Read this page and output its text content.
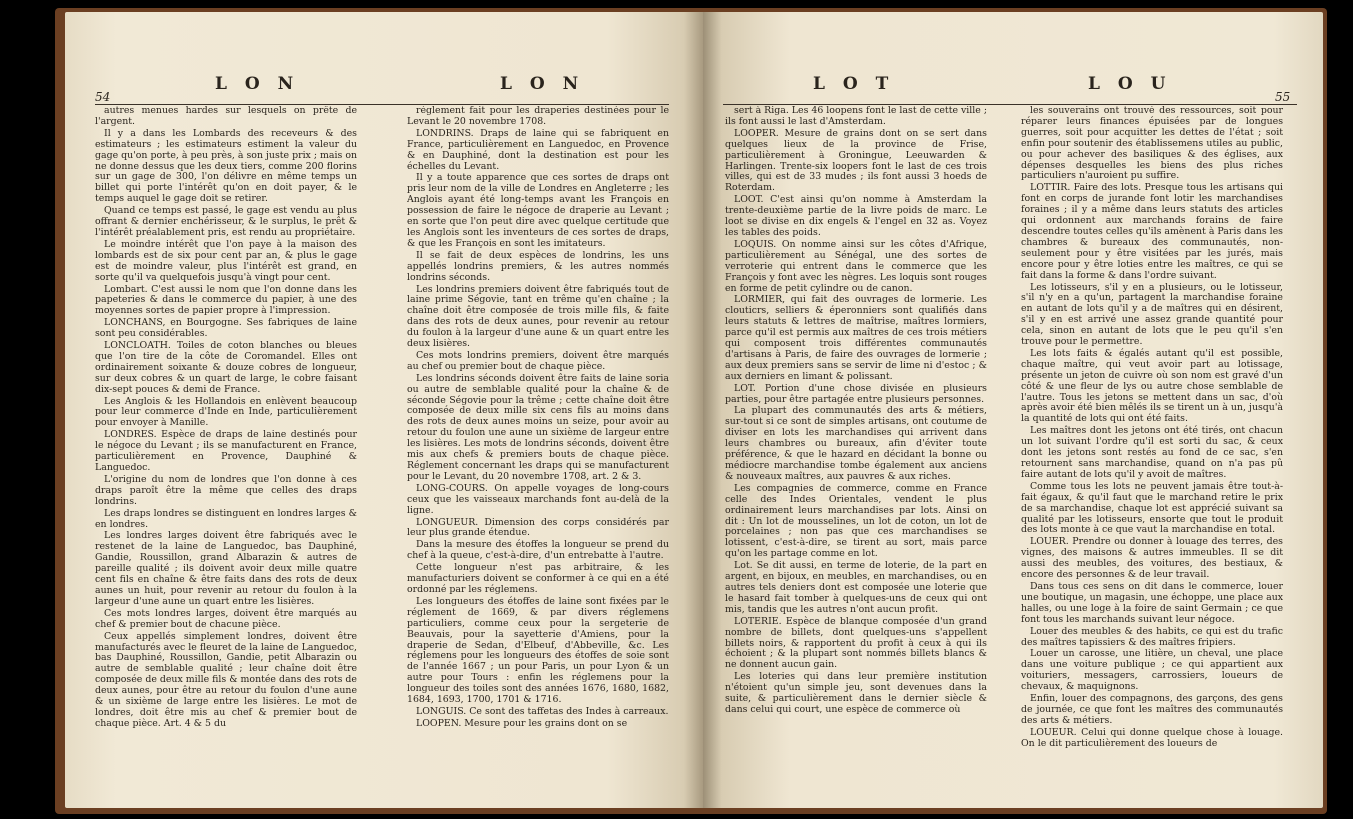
54
L O N	L O N

autres menues hardes sur lesquels on prête de l'argent.

Il y a dans les Lombards des receveurs & des estimateurs ; les estimateurs estiment la valeur du gage qu'on porte, à peu près, à son juste prix ; mais on ne donne dessus que les deux tiers, comme 200 florins sur un gage de 300, l'on délivre en même temps un billet qui porte l'intérêt qu'on en doit payer, & le temps auquel le gage doit se retirer.

Quand ce temps est passé, le gage est vendu au plus offrant & dernier enchérisseur, & le surplus, le prêt & l'intérêt préalablement pris, est rendu au propriétaire.

Le moindre intérêt que l'on paye à la maison des lombards est de six pour cent par an, & plus le gage est de moindre valeur, plus l'intérêt est grand, en sorte qu'il va quelquefois jusqu'à vingt pour cent.

Lombart. C'est aussi le nom que l'on donne dans les papeteries & dans le commerce du papier, à une des moyennes sortes de papier propre à l'impression.

LONCHANS, en Bourgogne. Ses fabriques de laine sont peu considérables.

LONCLOATH. Toiles de coton blanches ou bleues que l'on tire de la côte de Coromandel. Elles ont ordinairement soixante & douze cobres de longueur, sur deux cobres & un quart de large, le cobre faisant dix-sept pouces & demi de France.

Les Anglois & les Hollandois en enlèvent beaucoup pour leur commerce d'Inde en Inde, particulièrement pour envoyer à Manille.

LONDRES. Espèce de draps de laine destinés pour le négoce du Levant ; ils se manufacturent en France, particulièrement en Provence, Dauphiné & Languedoc.

L'origine du nom de londres que l'on donne à ces draps paroît être la même que celles des draps londrins.

Les draps londres se distinguent en londres larges & en londres.

Les londres larges doivent être fabriqués avec le restenet de la laine de Languedoc, bas Dauphiné, Gandie, Roussillon, grand Albarazin & autres de pareille qualité ; ils doivent avoir deux mille quatre cent fils en chaîne & être faits dans des rots de deux aunes un huit, pour revenir au retour du foulon à la largeur d'une aune un quart entre les lisières.

Ces mots londres larges, doivent être marqués au chef & premier bout de chacune pièce.

Ceux appellés simplement londres, doivent être manufacturés avec le fleuret de la laine de Languedoc, bas Dauphiné, Roussillon, Gandie, petit Albarazin ou autre de semblable qualité ; leur chaîne doit être composée de deux mille fils & montée dans des rots de deux aunes, pour être au retour du foulon d'une aune & un sixième de large entre les lisières. Le mot de londres, doit être mis au chef & premier bout de chaque pièce. Art. 4 & 5 du

réglement fait pour les draperies destinées pour le Levant le 20 novembre 1708.

LONDRINS. Draps de laine qui se fabriquent en France, particulièrement en Languedoc, en Provence & en Dauphiné, dont la destination est pour les échelles du Levant.

Il y a toute apparence que ces sortes de draps ont pris leur nom de la ville de Londres en Angleterre ; les Anglois ayant été long-temps avant les François en possession de faire le négoce de draperie au Levant ; en sorte que l'on peut dire avec quelque certitude que les Anglois sont les inventeurs de ces sortes de draps, & que les François en sont les imitateurs.

Il se fait de deux espèces de londrins, les uns appellés londrins premiers, & les autres nommés londrins séconds.

Les londrins premiers doivent être fabriqués tout de laine prime Ségovie, tant en trême qu'en chaîne ; la chaîne doit être composée de trois mille fils, & faite dans des rots de deux aunes, pour revenir au retour du foulon à la largeur d'une aune & un quart entre les deux lisières.

Ces mots londrins premiers, doivent être marqués au chef ou premier bout de chaque pièce.

Les londrins séconds doivent être faits de laine soria ou autre de semblable qualité pour la chaîne & de séconde Ségovie pour la trême ; cette chaîne doit être composée de deux mille six cens fils au moins dans des rots de deux aunes moins un seize, pour avoir au retour du foulon une aune un sixième de largeur entre les lisières. Les mots de londrins séconds, doivent être mis aux chefs & premiers bouts de chaque pièce. Réglement concernant les draps qui se manufacturent pour le Levant, du 20 novembre 1708, art. 2 & 3.

LONG-COURS. On appelle voyages de long-cours ceux que les vaisseaux marchands font au-delà de la ligne.

LONGUEUR. Dimension des corps considérés par leur plus grande étendue.

Dans la mesure des étoffes la longueur se prend du chef à la queue, c'est-à-dire, d'un entrebatte à l'autre.

Cette longueur n'est pas arbitraire, & les manufacturiers doivent se conformer à ce qui en a été ordonné par les réglemens.

Les longueurs des étoffes de laine sont fixées par le réglement de 1669, & par divers réglemens particuliers, comme ceux pour la sergeterie de Beauvais, pour la sayetterie d'Amiens, pour la draperie de Sedan, d'Elbeuf, d'Abbeville, &c. Les réglemens pour les longueurs des étoffes de soie sont de l'année 1667 ; un pour Paris, un pour Lyon & un autre pour Tours : enfin les réglemens pour la longueur des toiles sont des années 1676, 1680, 1682, 1684, 1693, 1700, 1701 & 1716.

LONGUIS. Ce sont des taffetas des Indes à carreaux.

LOOPEN. Mesure pour les grains dont on se

L O T	L O U
55

sert à Riga. Les 46 loopens font le last de cette ville ; ils font aussi le last d'Amsterdam.

LOOPER. Mesure de grains dont on se sert dans quelques lieux de la province de Frise, particulièrement à Groningue, Leeuwarden & Harlingen. Trente-six loopers font le last de ces trois villes, qui est de 33 mudes ; ils font aussi 3 hoeds de Roterdam.

LOOT. C'est ainsi qu'on nomme à Amsterdam la trente-deuxième partie de la livre poids de marc. Le loot se divise en dix engels & l'engel en 32 as. Voyez les tables des poids.

LOQUIS. On nomme ainsi sur les côtes d'Afrique, particulièrement au Sénégal, une des sortes de verroterie qui entrent dans le commerce que les François y font avec les nègres. Les loquis sont rouges en forme de petit cylindre ou de canon.

LORMIER, qui fait des ouvrages de lormerie. Les clouticrs, selliers & éperonniers sont qualifiés dans leurs statuts & lettres de maîtrise, maîtres lormiers, parce qu'il est permis aux maîtres de ces trois métiers qui composent trois différentes communautés d'artisans à Paris, de faire des ouvrages de lormerie ; aux deux premiers sans se servir de lime ni d'estoc ; & aux derniers en limant & polissant.

LOT. Portion d'une chose divisée en plusieurs parties, pour être partagée entre plusieurs personnes.

La plupart des communautés des arts & métiers, sur-tout si ce sont de simples artisans, ont coutume de diviser en lots les marchandises qui arrivent dans leurs chambres ou bureaux, afin d'éviter toute préférence, & que le hazard en décidant la bonne ou médiocre marchandise tombe également aux anciens & nouveaux maîtres, aux pauvres & aux riches.

Les compagnies de commerce, comme en France celle des Indes Orientales, vendent le plus ordinairement leurs marchandises par lots. Ainsi on dit : Un lot de mousselines, un lot de coton, un lot de porcelaines ; non pas que ces marchandises se lotissent, c'est-à-dire, se tirent au sort, mais parce qu'on les partage comme en lot.

Lot. Se dit aussi, en terme de loterie, de la part en argent, en bijoux, en meubles, en marchandises, ou en autres tels deniers dont est composée une loterie que le hasard fait tomber à quelques-uns de ceux qui ont mis, tandis que les autres n'ont aucun profit.

LOTERIE. Espèce de blanque composée d'un grand nombre de billets, dont quelques-uns s'appellent billets noirs, & rapportent du profit à ceux à qui ils échoient ; & la plupart sont nommés billets blancs & ne donnent aucun gain.

Les loteries qui dans leur première institution n'étoient qu'un simple jeu, sont devenues dans la suite, & particulièrement dans le dernier siècle & dans celui qui court, une espèce de commerce où

les souverains ont trouvé des ressources, soit pour réparer leurs finances épuisées par de longues guerres, soit pour acquitter les dettes de l'état ; soit enfin pour soutenir des établissemens utiles au public, ou pour achever des basiliques & des églises, aux dépenses desquelles les biens des plus riches particuliers n'auroient pu suffire.

LOTTIR. Faire des lots. Presque tous les artisans qui font en corps de jurande font lotir les marchandises foraines ; il y a même dans leurs statuts des articles qui ordonnent aux marchands forains de faire descendre toutes celles qu'ils amènent à Paris dans les chambres & bureaux des communautés, non-seulement pour y être visitées par les jurés, mais encore pour y être loties entre les maîtres, ce qui se fait dans la forme & dans l'ordre suivant.

Les lotisseurs, s'il y en a plusieurs, ou le lotisseur, s'il n'y en a qu'un, partagent la marchandise foraine en autant de lots qu'il y a de maîtres qui en désirent, s'il y en est arrivé une assez grande quantité pour cela, sinon en autant de lots que le peu qu'il s'en trouve pour le permettre.

Les lots faits & égalés autant qu'il est possible, chaque maître, qui veut avoir part au lotissage, présente un jeton de cuivre où son nom est gravé d'un côté & une fleur de lys ou autre chose semblable de l'autre. Tous les jetons se mettent dans un sac, d'où après avoir été bien mêlés ils se tirent un à un, jusqu'à la quantité de lots qui ont été faits.

Les maîtres dont les jetons ont été tirés, ont chacun un lot suivant l'ordre qu'il est sorti du sac, & ceux dont les jetons sont restés au fond de ce sac, s'en retournent sans marchandise, quand on n'a pas pû faire autant de lots qu'il y avoit de maîtres.

Comme tous les lots ne peuvent jamais être tout-à-fait égaux, & qu'il faut que le marchand retire le prix de sa marchandise, chaque lot est apprécié suivant sa qualité par les lotisseurs, ensorte que tout le produit des lots monte à ce que vaut la marchandise en total.

LOUER. Prendre ou donner à louage des terres, des vignes, des maisons & autres immeubles. Il se dit aussi des meubles, des voitures, des bestiaux, & encore des personnes & de leur travail.

Dans tous ces sens on dit dans le commerce, louer une boutique, un magasin, une échoppe, une place aux halles, ou une loge à la foire de saint Germain ; ce que font tous les marchands suivant leur négoce.

Louer des meubles & des habits, ce qui est du trafic des maîtres tapissiers & des maîtres fripiers.

Louer un carosse, une litière, un cheval, une place dans une voiture publique ; ce qui appartient aux voituriers, messagers, carrossiers, loueurs de chevaux, & maquignons.

Enfin, louer des compagnons, des garçons, des gens de journée, ce que font les maîtres des communautés des arts & métiers.

LOUEUR. Celui qui donne quelque chose à louage. On le dit particulièrement des loueurs de
